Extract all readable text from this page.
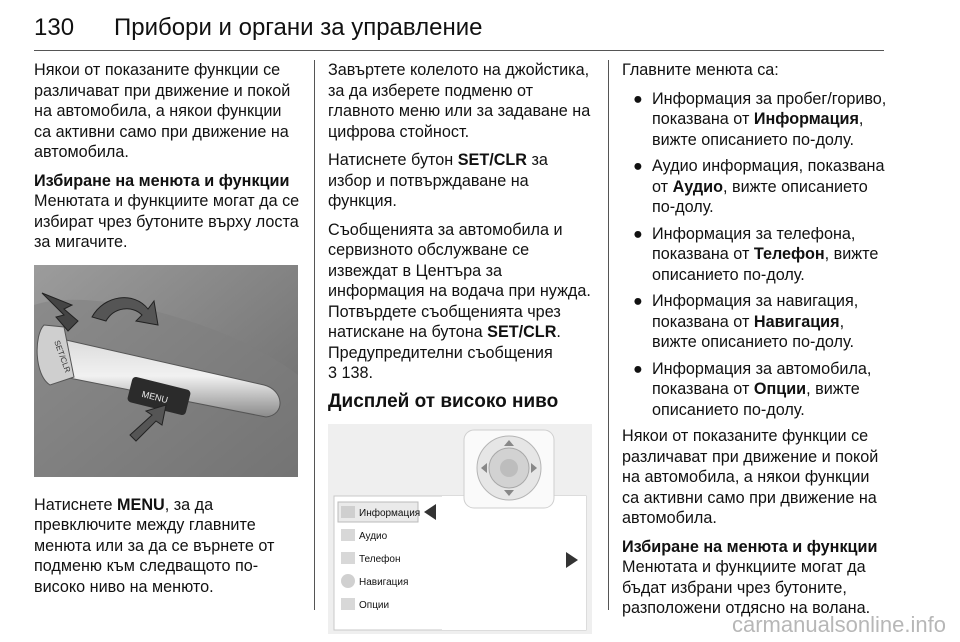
130 Прибори и органи за управление

Някои от показаните функции се различават при движение и покой на автомобила, а някои функции са активни само при движение на автомобила.

Избиране на менюта и функции

Менютата и функциите могат да се избират чрез бутоните върху лоста за мигачите.

MENU
SET/CLR

Натиснете MENU, за да превключите между главните менюта или за да се върнете от подменю към следващото по-високо ниво на менюто.

Завъртете колелото на джойстика, за да изберете подменю от главното меню или за задаване на цифрова стойност.

Натиснете бутон SET/CLR за избор и потвърждаване на функция.

Съобщенията за автомобила и сервизното обслужване се извеждат в Центъра за информация на водача при нужда. Потвърдете съобщенията чрез натискане на бутона SET/CLR.
Предупредителни съобщения
3 138.

Дисплей от високо ниво
Информация
Аудио
Телефон
Навигация
Опции

Главните менюта са:

● Информация за пробег/гориво, показвана от Информация, вижте описанието по-долу.
● Аудио информация, показвана от Аудио, вижте описанието по-долу.
● Информация за телефона, показвана от Телефон, вижте описанието по-долу.
● Информация за навигация, показвана от Навигация, вижте описанието по-долу.
● Информация за автомобила, показвана от Опции, вижте описанието по-долу.

Някои от показаните функции се различават при движение и покой на автомобила, а някои функции са активни само при движение на автомобила.

Избиране на менюта и функции

Менютата и функциите могат да бъдат избрани чрез бутоните, разположени отдясно на волана.

carmanualsonline.info
